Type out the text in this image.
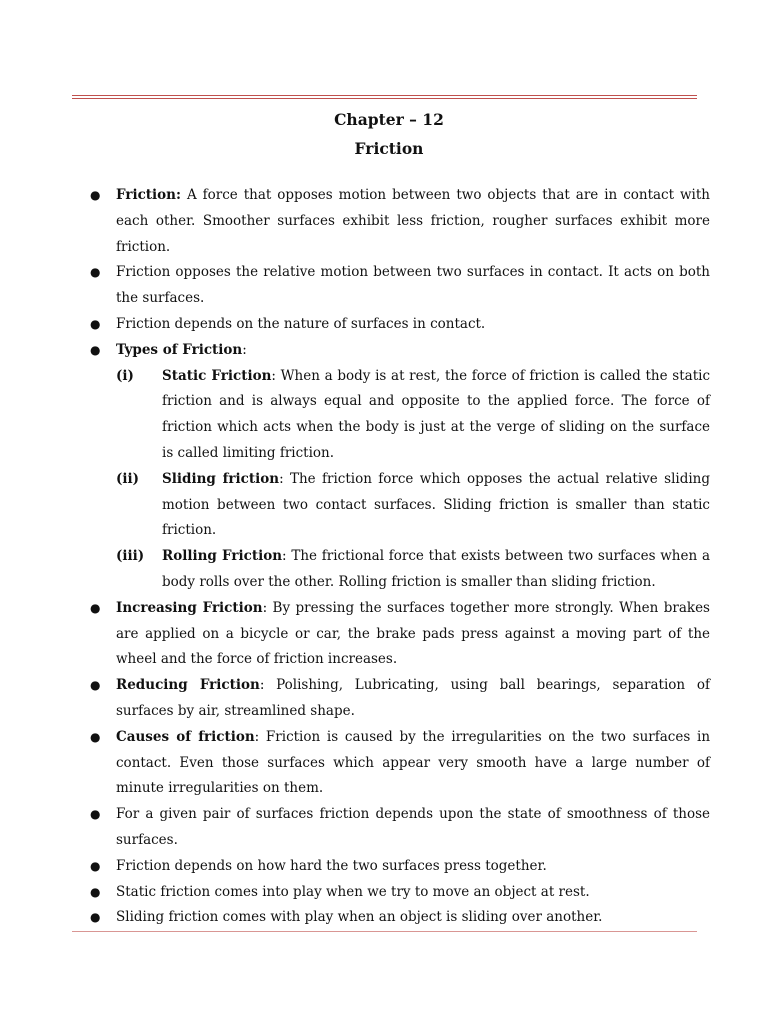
Chapter – 12
Friction
●	Friction: A force that opposes motion between two objects that are in contact with each other. Smoother surfaces exhibit less friction, rougher surfaces exhibit more friction.
●	Friction opposes the relative motion between two surfaces in contact. It acts on both the surfaces.
●	Friction depends on the nature of surfaces in contact.
●	Types of Friction:
(i)	Static Friction: When a body is at rest, the force of friction is called the static friction and is always equal and opposite to the applied force. The force of friction which acts when the body is just at the verge of sliding on the surface is called limiting friction.
(ii)	Sliding friction: The friction force which opposes the actual relative sliding motion between two contact surfaces. Sliding friction is smaller than static friction.
(iii)	Rolling Friction: The frictional force that exists between two surfaces when a body rolls over the other. Rolling friction is smaller than sliding friction.
●	Increasing Friction: By pressing the surfaces together more strongly. When brakes are applied on a bicycle or car, the brake pads press against a moving part of the wheel and the force of friction increases.
●	Reducing Friction: Polishing, Lubricating, using ball bearings, separation of surfaces by air, streamlined shape.
●	Causes of friction: Friction is caused by the irregularities on the two surfaces in contact. Even those surfaces which appear very smooth have a large number of minute irregularities on them.
●	For a given pair of surfaces friction depends upon the state of smoothness of those surfaces.
●	Friction depends on how hard the two surfaces press together.
●	Static friction comes into play when we try to move an object at rest.
●	Sliding friction comes with play when an object is sliding over another.
